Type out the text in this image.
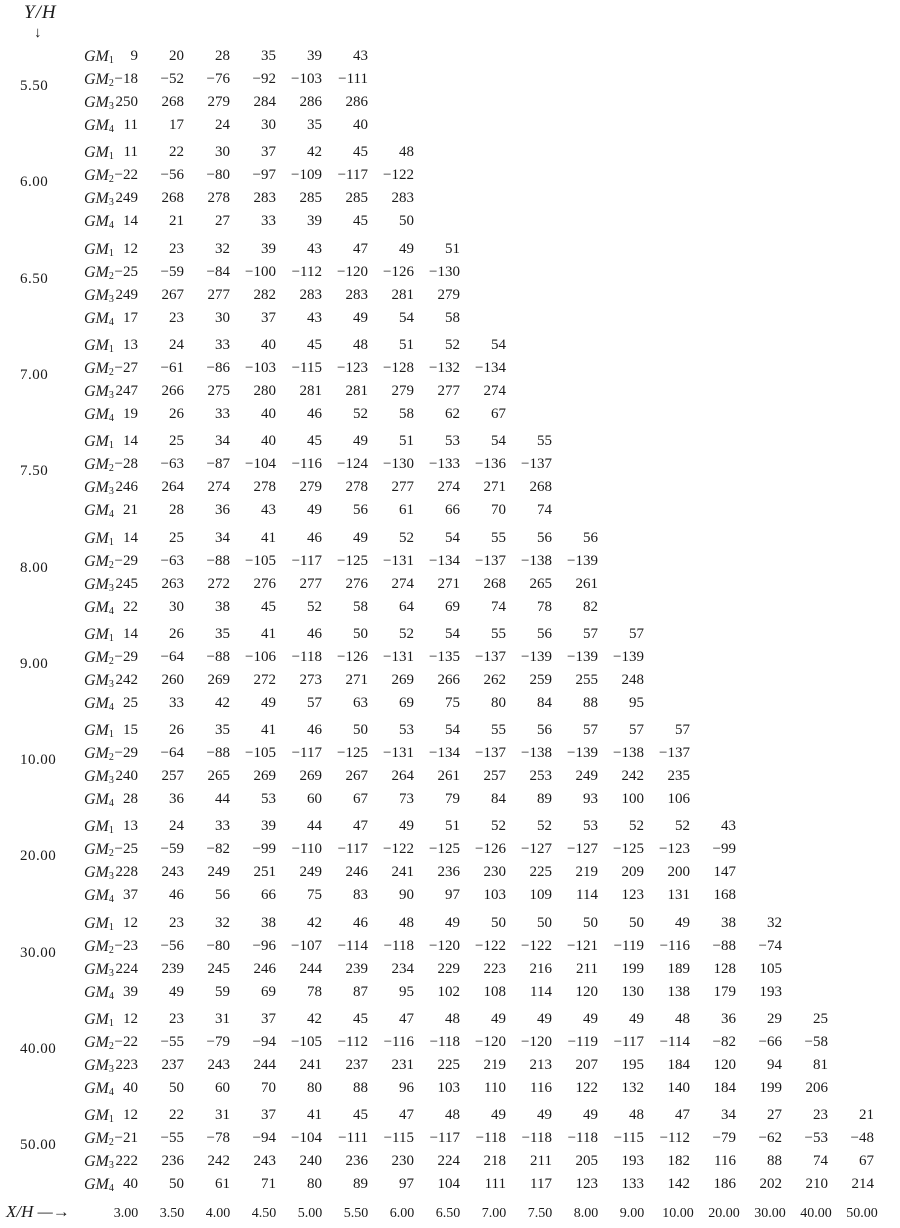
Y/H
↓
5.50
$GM_1$	9	20	28	35	39	43
$GM_2 -18$	−52	−76	−92	−103	−111
$GM_3$ 250	268	279	284	286	286
$GM_4$ 11	17	24	30	35	40
6.00
$GM_1$ 11	22	30	37	42	45	48
$GM_2 -22$	−56	−80	−97	−109	−117	−122
$GM_3$ 249	268	278	283	285	285	283
$GM_4$ 14	21	27	33	39	45	50
6.50
$GM_1$ 12	23	32	39	43	47	49	51
$GM_2 -25$	−59	−84	−100	−112	−120	−126	−130
$GM_3$ 249	267	277	282	283	283	281	279
$GM_4$ 17	23	30	37	43	49	54	58
7.00
$GM_1$ 13	24	33	40	45	48	51	52	54
$GM_2 -27$	−61	−86	−103	−115	−123	−128	−132	−134
$GM_3$ 247	266	275	280	281	281	279	277	274
$GM_4$ 19	26	33	40	46	52	58	62	67
7.50
$GM_1$ 14	25	34	40	45	49	51	53	54	55
$GM_2 -28$	−63	−87	−104	−116	−124	−130	−133	−136	−137
$GM_3$ 246	264	274	278	279	278	277	274	271	268
$GM_4$ 21	28	36	43	49	56	61	66	70	74
8.00
$GM_1$ 14	25	34	41	46	49	52	54	55	56	56
$GM_2 -29$	−63	−88	−105	−117	−125	−131	−134	−137	−138	−139
$GM_3$ 245	263	272	276	277	276	274	271	268	265	261
$GM_4$ 22	30	38	45	52	58	64	69	74	78	82
9.00
$GM_1$ 14	26	35	41	46	50	52	54	55	56	57	57
$GM_2 -29$	−64	−88	−106	−118	−126	−131	−135	−137	−139	−139	−139
$GM_3$ 242	260	269	272	273	271	269	266	262	259	255	248
$GM_4$ 25	33	42	49	57	63	69	75	80	84	88	95
10.00
$GM_1$ 15	26	35	41	46	50	53	54	55	56	57	57	57
$GM_2 -29$	−64	−88	−105	−117	−125	−131	−134	−137	−138	−139	−138	−137
$GM_3$ 240	257	265	269	269	267	264	261	257	253	249	242	235
$GM_4$ 28	36	44	53	60	67	73	79	84	89	93	100	106
20.00
$GM_1$ 13	24	33	39	44	47	49	51	52	52	53	52	52	43
$GM_2 -25$	−59	−82	−99	−110	−117	−122	−125	−126	−127	−127	−125	−123	−99
$GM_3$ 228	243	249	251	249	246	241	236	230	225	219	209	200	147
$GM_4$ 37	46	56	66	75	83	90	97	103	109	114	123	131	168
30.00
$GM_1$ 12	23	32	38	42	46	48	49	50	50	50	50	49	38	32
$GM_2 -23$	−56	−80	−96	−107	−114	−118	−120	−122	−122	−121	−119	−116	−88	−74
$GM_3$ 224	239	245	246	244	239	234	229	223	216	211	199	189	128	105
$GM_4$ 39	49	59	69	78	87	95	102	108	114	120	130	138	179	193
40.00
$GM_1$ 12	23	31	37	42	45	47	48	49	49	49	49	48	36	29	25
$GM_2 -22$	−55	−79	−94	−105	−112	−116	−118	−120	−120	−119	−117	−114	−82	−66	−58
$GM_3$ 223	237	243	244	241	237	231	225	219	213	207	195	184	120	94	81
$GM_4$ 40	50	60	70	80	88	96	103	110	116	122	132	140	184	199	206
50.00
$GM_1$ 12	22	31	37	41	45	47	48	49	49	49	48	47	34	27	23	21
$GM_2 -21$	−55	−78	−94	−104	−111	−115	−117	−118	−118	−118	−115	−112	−79	−62	−53	−48
$GM_3$ 222	236	242	243	240	236	230	224	218	211	205	193	182	116	88	74	67
$GM_4$ 40	50	61	71	80	89	97	104	111	117	123	133	142	186	202	210	214
X/H —→	3.00	3.50	4.00	4.50	5.00	5.50	6.00	6.50	7.00	7.50	8.00	9.00	10.00	20.00	30.00	40.00	50.00
